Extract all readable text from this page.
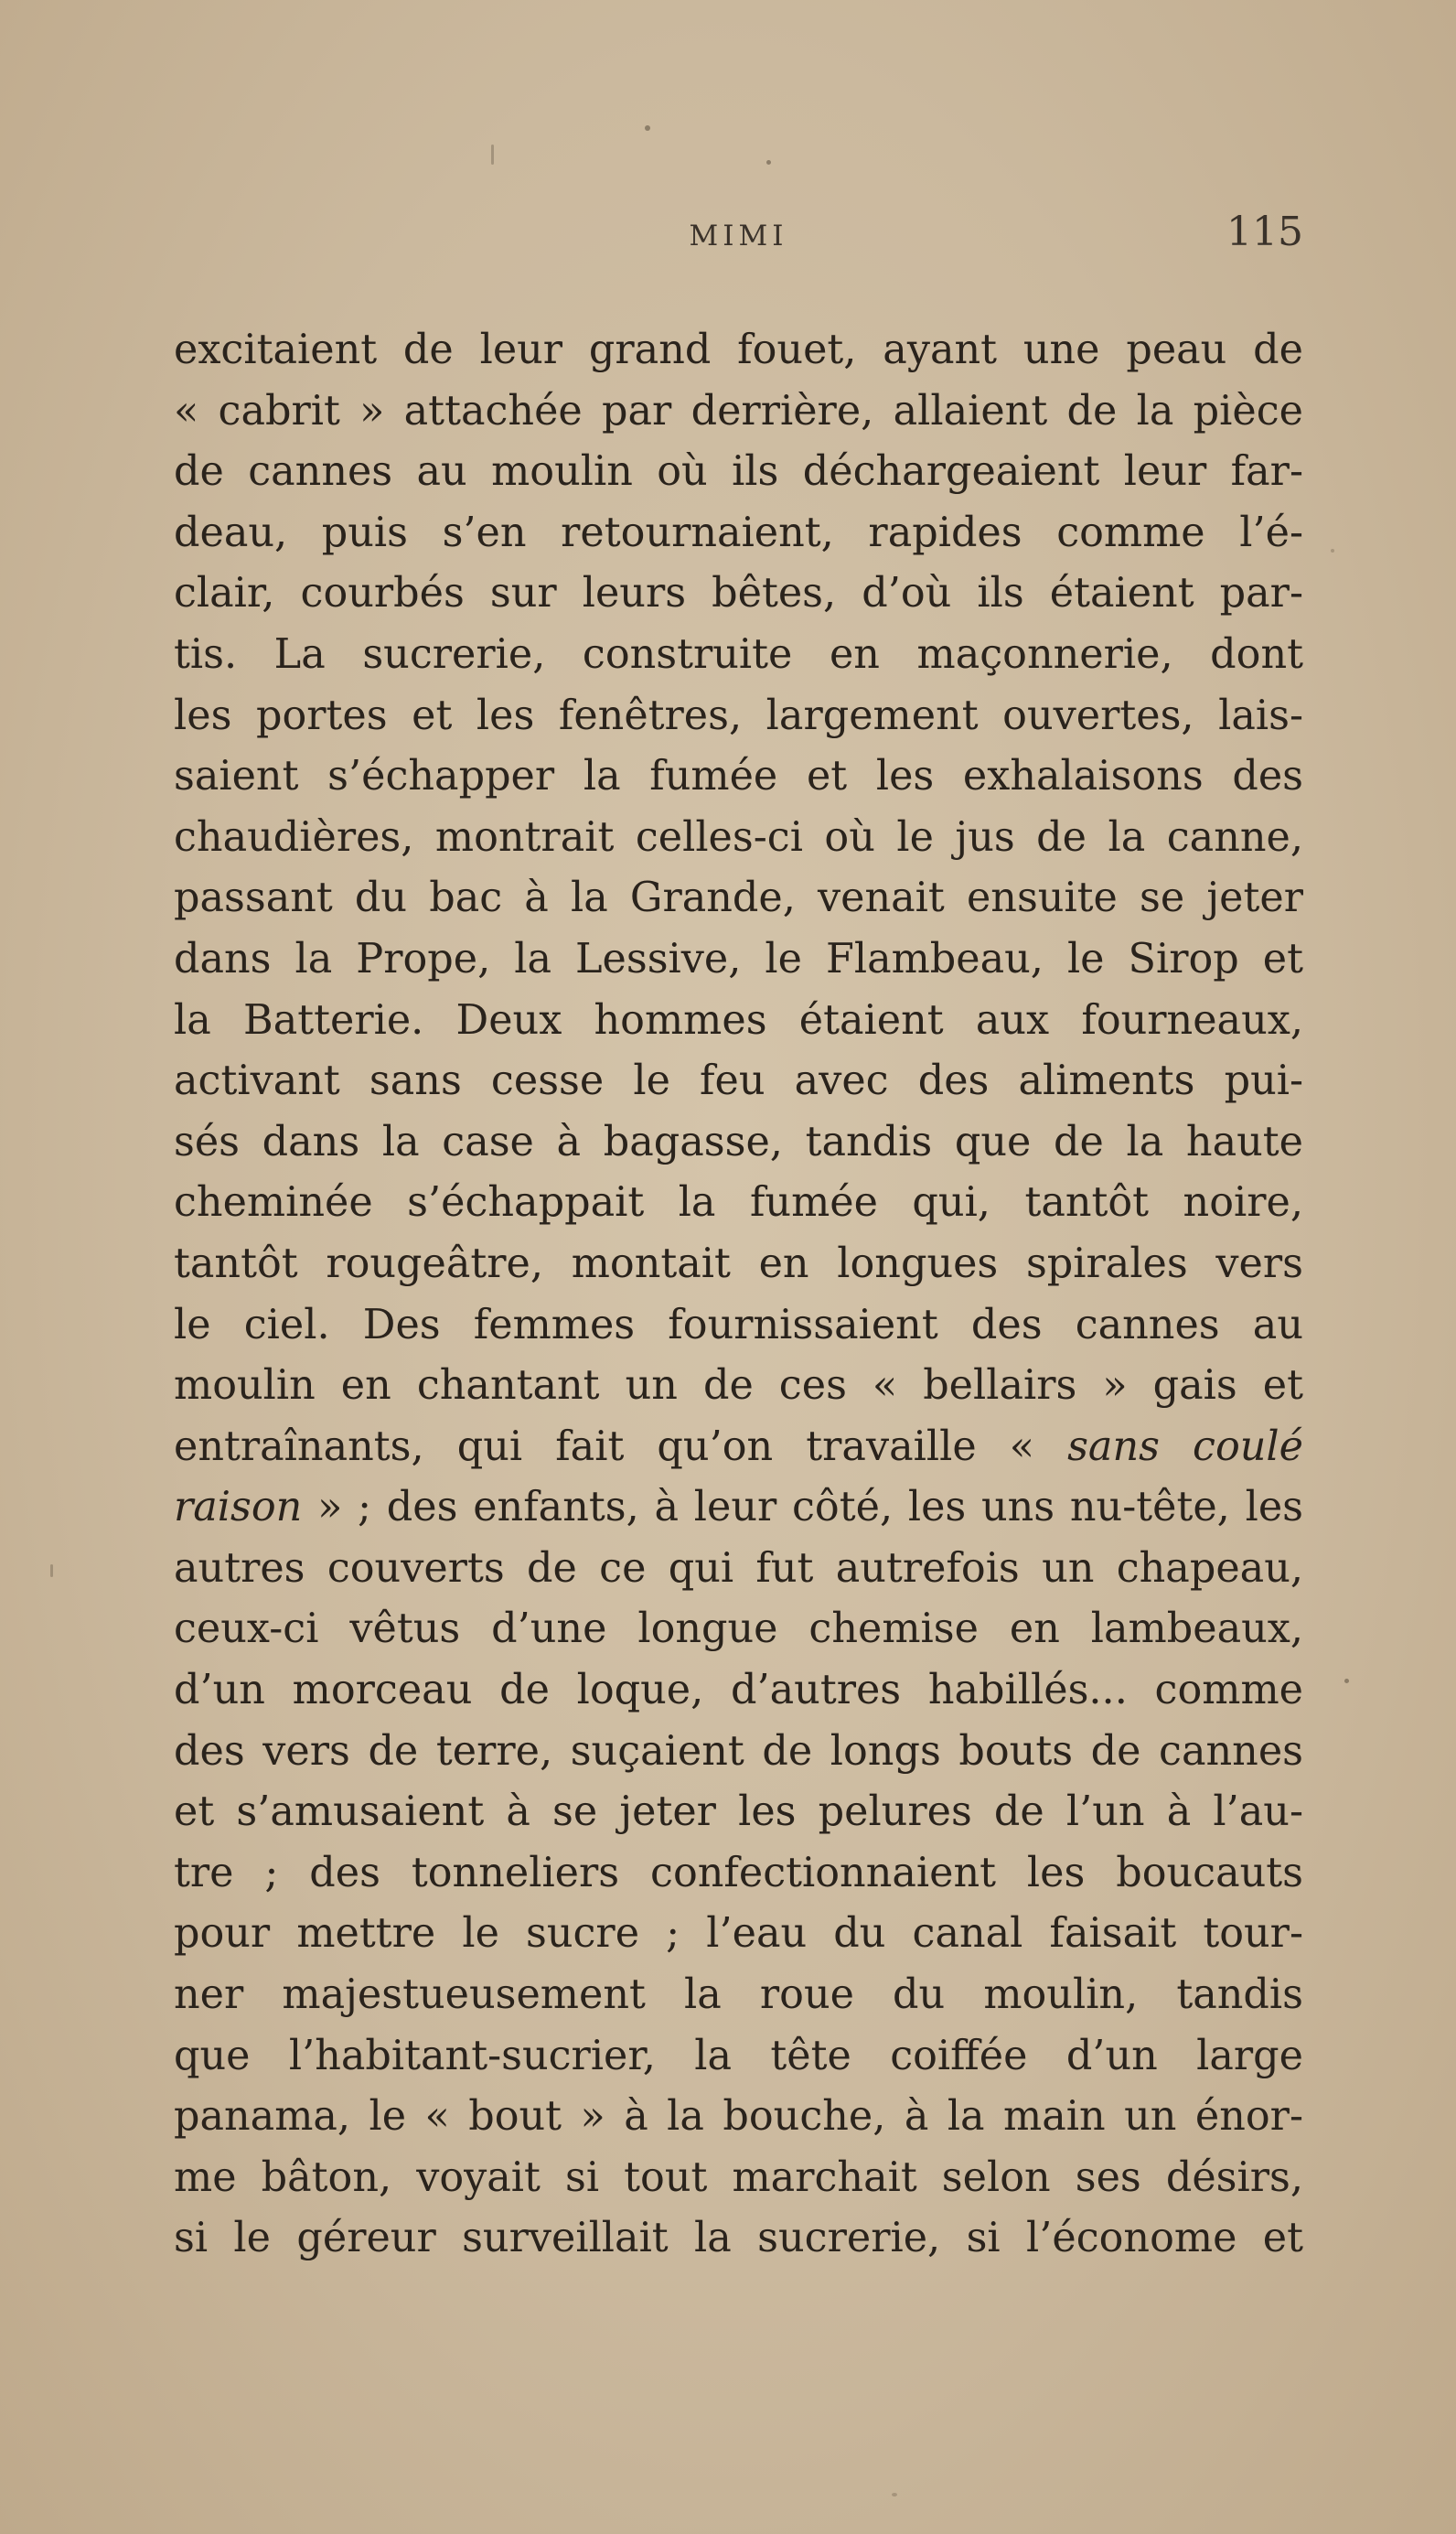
MIMI	115
excitaient de leur grand fouet, ayant une peau de
« cabrit » attachée par derrière, allaient de la pièce
de cannes au moulin où ils déchargeaient leur far-
deau, puis s’en retournaient, rapides comme l’é-
clair, courbés sur leurs bêtes, d’où ils étaient par-
tis. La sucrerie, construite en maçonnerie, dont
les portes et les fenêtres, largement ouvertes, lais-
saient s’échapper la fumée et les exhalaisons des
chaudières, montrait celles-ci où le jus de la canne,
passant du bac à la Grande, venait ensuite se jeter
dans la Prope, la Lessive, le Flambeau, le Sirop et
la Batterie. Deux hommes étaient aux fourneaux,
activant sans cesse le feu avec des aliments pui-
sés dans la case à bagasse, tandis que de la haute
cheminée s’échappait la fumée qui, tantôt noire,
tantôt rougeâtre, montait en longues spirales vers
le ciel. Des femmes fournissaient des cannes au
moulin en chantant un de ces « bellairs » gais et
entraînants, qui fait qu’on travaille « sans coulé
raison » ; des enfants, à leur côté, les uns nu-tête, les
autres couverts de ce qui fut autrefois un chapeau,
ceux-ci vêtus d’une longue chemise en lambeaux,
d’un morceau de loque, d’autres habillés... comme
des vers de terre, suçaient de longs bouts de cannes
et s’amusaient à se jeter les pelures de l’un à l’au-
tre ; des tonneliers confectionnaient les boucauts
pour mettre le sucre ; l’eau du canal faisait tour-
ner majestueusement la roue du moulin, tandis
que l’habitant-sucrier, la tête coiffée d’un large
panama, le « bout » à la bouche, à la main un énor-
me bâton, voyait si tout marchait selon ses désirs,
si le géreur surveillait la sucrerie, si l’économe et
